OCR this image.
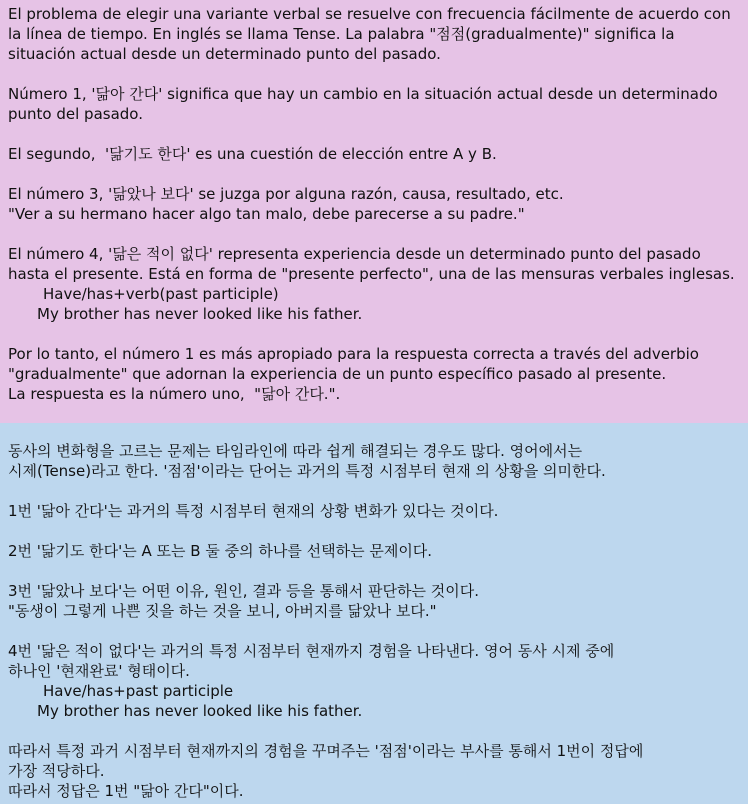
El problema de elegir una variante verbal se resuelve con frecuencia fácilmente de acuerdo con
la línea de tiempo. En inglés se llama Tense. La palabra "점점(gradualmente)" significa la
situación actual desde un determinado punto del pasado.
Número 1, '닮아 간다' significa que hay un cambio en la situación actual desde un determinado
punto del pasado.
El segundo,  '닮기도 한다' es una cuestión de elección entre A y B.
El número 3, '닮았나 보다' se juzga por alguna razón, causa, resultado, etc.
"Ver a su hermano hacer algo tan malo, debe parecerse a su padre."
El número 4, '닮은 적이 없다' representa experiencia desde un determinado punto del pasado
hasta el presente. Está en forma de "presente perfecto", una de las mensuras verbales inglesas.
Have/has+verb(past participle)
My brother has never looked like his father.
Por lo tanto, el número 1 es más apropiado para la respuesta correcta a través del adverbio
"gradualmente" que adornan la experiencia de un punto específico pasado al presente.
La respuesta es la número uno,  "닮아 간다.".
동사의 변화형을 고르는 문제는 타임라인에 따라 쉽게 해결되는 경우도 많다. 영어에서는
시제(Tense)라고 한다. '점점'이라는 단어는 과거의 특정 시점부터 현재 의 상황을 의미한다.
1번 '닮아 간다'는 과거의 특정 시점부터 현재의 상황 변화가 있다는 것이다.
2번 '닮기도 한다'는 A 또는 B 둘 중의 하나를 선택하는 문제이다.
3번 '닮았나 보다'는 어떤 이유, 원인, 결과 등을 통해서 판단하는 것이다.
"동생이 그렇게 나쁜 짓을 하는 것을 보니, 아버지를 닮았나 보다."
4번 '닮은 적이 없다'는 과거의 특정 시점부터 현재까지 경험을 나타낸다. 영어 동사 시제 중에
하나인 '현재완료' 형태이다.
Have/has+past participle
My brother has never looked like his father.
따라서 특정 과거 시점부터 현재까지의 경험을 꾸며주는 '점점'이라는 부사를 통해서 1번이 정답에
가장 적당하다.
따라서 정답은 1번 "닮아 간다"이다.
